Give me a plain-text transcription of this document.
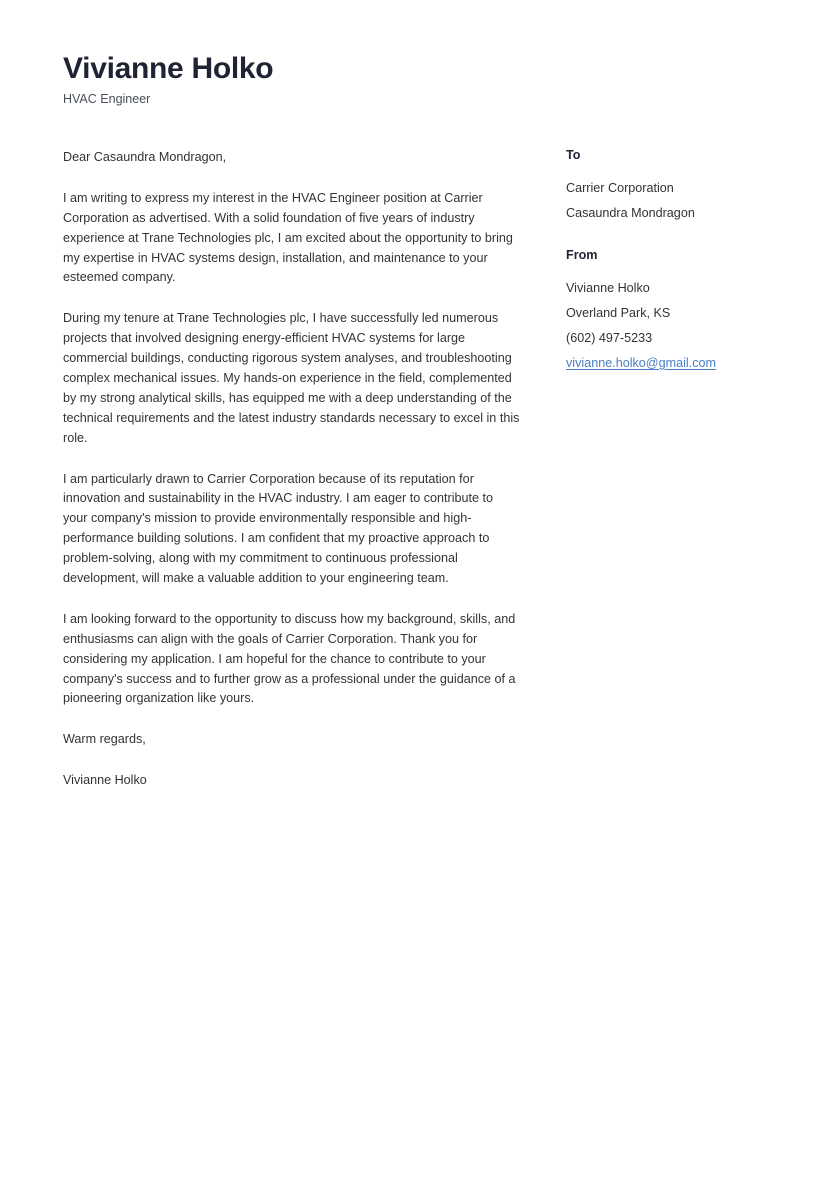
Vivianne Holko
HVAC Engineer

Dear Casaundra Mondragon,

I am writing to express my interest in the HVAC Engineer position at Carrier Corporation as advertised. With a solid foundation of five years of industry experience at Trane Technologies plc, I am excited about the opportunity to bring my expertise in HVAC systems design, installation, and maintenance to your esteemed company.

During my tenure at Trane Technologies plc, I have successfully led numerous projects that involved designing energy-efficient HVAC systems for large commercial buildings, conducting rigorous system analyses, and troubleshooting complex mechanical issues. My hands-on experience in the field, complemented by my strong analytical skills, has equipped me with a deep understanding of the technical requirements and the latest industry standards necessary to excel in this role.

I am particularly drawn to Carrier Corporation because of its reputation for innovation and sustainability in the HVAC industry. I am eager to contribute to your company's mission to provide environmentally responsible and high-performance building solutions. I am confident that my proactive approach to problem-solving, along with my commitment to continuous professional development, will make a valuable addition to your engineering team.

I am looking forward to the opportunity to discuss how my background, skills, and enthusiasms can align with the goals of Carrier Corporation. Thank you for considering my application. I am hopeful for the chance to contribute to your company's success and to further grow as a professional under the guidance of a pioneering organization like yours.

Warm regards,

Vivianne Holko

To
Carrier Corporation
Casaundra Mondragon
From
Vivianne Holko
Overland Park, KS
(602) 497-5233
vivianne.holko@gmail.com
